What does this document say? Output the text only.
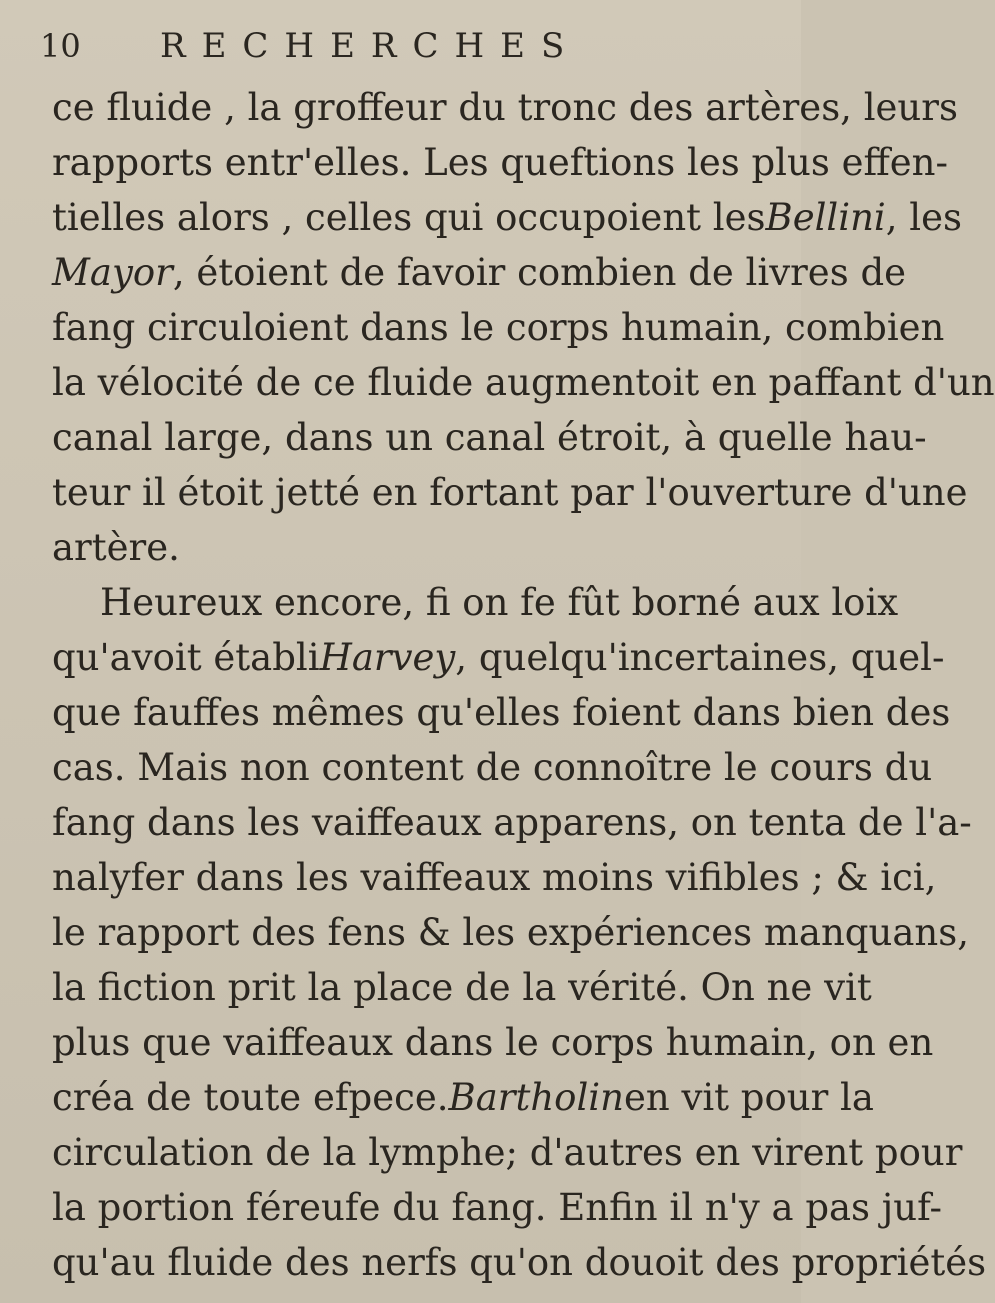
10	RECHERCHES
ce fluide , la groffeur du tronc des artères, leurs
rapports entr'elles. Les queftions les plus effen-
tielles alors , celles qui occupoient les Bellini , les
Mayor , étoient de favoir combien de livres de
fang circuloient dans le corps humain, combien
la vélocité de ce fluide augmentoit en paffant d'un
canal large, dans un canal étroit, à quelle hau-
teur il étoit jetté en fortant par l'ouverture d'une
artère.
Heureux encore, fi on fe fût borné aux loix
qu'avoit établi Harvey , quelqu'incertaines, quel-
que fauffes mêmes qu'elles foient dans bien des
cas. Mais non content de connoître le cours du
fang dans les vaiffeaux apparens, on tenta de l'a-
nalyfer dans les vaiffeaux moins vifibles ; & ici,
le rapport des fens & les expériences manquans,
la fiction prit la place de la vérité. On ne vit
plus que vaiffeaux dans le corps humain, on en
créa de toute efpece. Bartholin en vit pour la
circulation de la lymphe; d'autres en virent pour
la portion féreufe du fang. Enfin il n'y a pas juf-
qu'au fluide des nerfs qu'on douoit des propriétés
